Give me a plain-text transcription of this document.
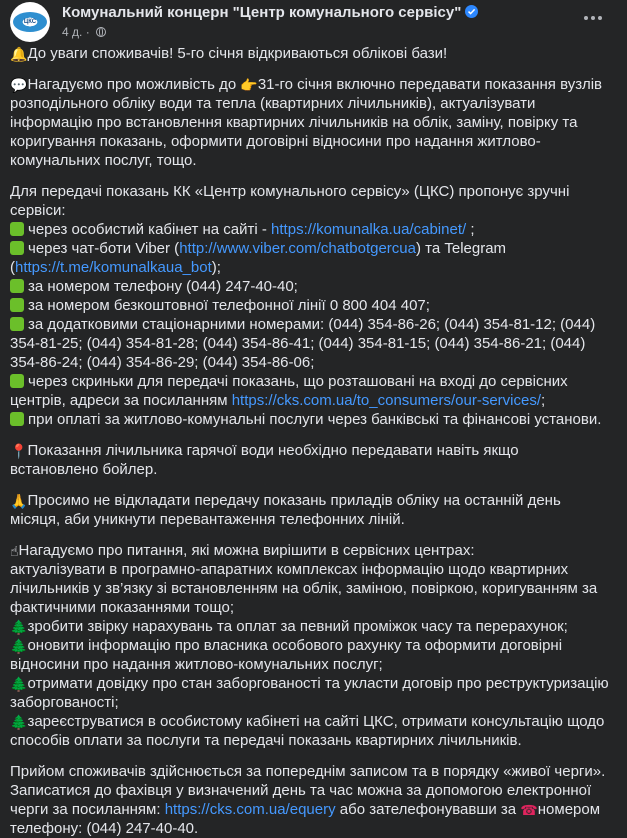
ЦКС
Комунальний концерн "Центр комунального сервісу"
4 д. ·

🔔До уваги споживачів! 5-го січня відкриваються облікові бази!

💬Нагадуємо про можливість до 👉31-го січня включно передавати показання вузлів розподільного обліку води та тепла (квартирних лічильників), актуалізувати інформацію про встановлення квартирних лічильників на облік, заміну, повірку та коригування показань, оформити договірні відносини про надання житлово-комунальних послуг, тощо.

Для передачі показань КК «Центр комунального сервісу» (ЦКС) пропонує зручні сервіси:
через особистий кабінет на сайті - https://komunalka.ua/cabinet/ ;
через чат-боти Viber (http://www.viber.com/chatbotgercua) та Telegram (https://t.me/komunalkaua_bot);
за номером телефону (044) 247-40-40;
за номером безкоштовної телефонної лінії 0 800 404 407;
за додатковими стаціонарними номерами: (044) 354-86-26; (044) 354-81-12; (044) 354-81-25; (044) 354-81-28; (044) 354-86-41; (044) 354-81-15; (044) 354-86-21; (044) 354-86-24; (044) 354-86-29; (044) 354-86-06;
через скриньки для передачі показань, що розташовані на вході до сервісних центрів, адреси за посиланням https://cks.com.ua/to_consumers/our-services/;
при оплаті за житлово-комунальні послуги через банківські та фінансові установи.

📍Показання лічильника гарячої води необхідно передавати навіть якщо встановлено бойлер.

🙏Просимо не відкладати передачу показань приладів обліку на останній день місяця, аби уникнути перевантаження телефонних ліній.

☝Нагадуємо про питання, які можна вирішити в сервісних центрах:
актуалізувати в програмно-апаратних комплексах інформацію щодо квартирних лічильників у зв’язку зі встановленням на облік, заміною, повіркою, коригуванням за фактичними показаннями тощо;
🌲зробити звірку нарахувань та оплат за певний проміжок часу та перерахунок;
🌲оновити інформацію про власника особового рахунку та оформити договірні відносини про надання житлово-комунальних послуг;
🌲отримати довідку про стан заборгованості та укласти договір про реструктуризацію заборгованості;
🌲зареєструватися в особистому кабінеті на сайті ЦКС, отримати консультацію щодо способів оплати за послуги та передачі показань квартирних лічильників.

Прийом споживачів здійснюється за попереднім записом та в порядку «живої черги». Записатися до фахівця у визначений день та час можна за допомогою електронної черги за посиланням: https://cks.com.ua/equery або зателефонувавши за ☎номером телефону: (044) 247-40-40.
